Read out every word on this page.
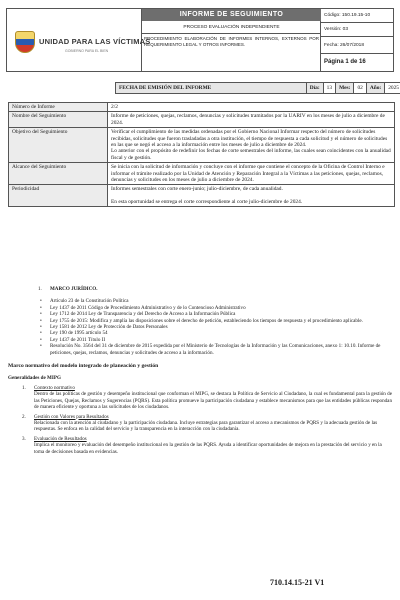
UNIDAD PARA LAS VÍCTIMAS
GOBIERNO PARA EL BIEN
INFORME DE SEGUIMIENTO
PROCESO EVALUACIÓN INDEPENDIENTE
PROCEDIMIENTO ELABORACIÓN DE INFORMES INTERNOS, EXTERNOS POR REQUERIMIENTO LEGAL Y OTROS INFORMES.
Código: 150.19.15-10
Versión: 03
Fecha: 26/07/2018
Página 1 de 16
FECHA DE EMISIÓN DEL INFORME	Día:	13	Mes:	02	Año:	2025
Número de Informe	2/2
Nombre del Seguimiento	Informe de peticiones, quejas, reclamos, denuncias y solicitudes tramitados por la UARIV en los meses de julio a diciembre de 2024.
Objetivo del Seguimiento	Verificar el cumplimiento de las medidas ordenadas por el Gobierno Nacional Informar respecto del número de solicitudes recibidas, solicitudes que fueron trasladadas a otra institución, el tiempo de respuesta a cada solicitud y el número de solicitudes en las que se negó el acceso a la información entre los meses de julio a diciembre de 2024.

Lo anterior con el propósito de redefinir los fechas de corte semestrales del informe, las cuales sean coincidentes con la anualidad fiscal y de gestión.

Alcance del Seguimiento	Se inicia con la solicitud de información y concluye con el informe que contiene el concepto de la Oficina de Control Interno e informar el trámite realizado por la Unidad de Atención y Reparación Integral a la Víctimas a las peticiones, quejas, reclamos, denuncias y solicitudes en los meses de julio a diciembre de 2024.
Periodicidad	Informes semestrales con corte enero-junio; julio-diciembre, de cada anualidad.

En esta oportunidad se entrega el corte correspondiente al corte julio-diciembre de 2024.

1. MARCO JURÍDICO.
• Artículo 23 de la Constitución Política
• Ley 1437 de 2011 Código de Procedimiento Administrativo y de lo Contencioso Administrativo
• Ley 1712 de 2014 Ley de Transparencia y del Derecho de Acceso a la Información Pública
• Ley 1755 de 2015: Modifica y amplía las disposiciones sobre el derecho de petición, estableciendo los tiempos de respuesta y el procedimiento aplicable.
• Ley 1581 de 2012 Ley de Protección de Datos Personales
• Ley 190 de 1995 artículo 54
• Ley 1437 de 2011 Título II
• Resolución No. 3564 del 31 de diciembre de 2015 expedida por el Ministerio de Tecnologías de la Información y las Comunicaciones, anexo 1: 10.10. Informe de peticiones, quejas, reclamos, denuncias y solicitudes de acceso a la información.
Marco normativo del modelo integrado de planeación y gestión
Generalidades de MIPG
1. Contexto normativo
Dentro de las políticas de gestión y desempeño institucional que conforman el MIPG, se destaca la Política de Servicio al Ciudadano, la cual es fundamental para la gestión de las Peticiones, Quejas, Reclamos y Sugerencias (PQRS). Esta política promueve la participación ciudadana y establece mecanismos para que las entidades públicas respondan de manera eficiente y oportuna a las solicitudes de los ciudadanos.
2. Gestión con Valores para Resultados
Relacionada con la atención al ciudadano y la participación ciudadana. Incluye estrategias para garantizar el acceso a mecanismos de PQRS y la adecuada gestión de las respuestas. Se enfoca en la calidad del servicio y la transparencia en la interacción con la ciudadanía.
3. Evaluación de Resultados
Implica el monitoreo y evaluación del desempeño institucional en la gestión de las PQRS. Ayuda a identificar oportunidades de mejora en la prestación del servicio y en la toma de decisiones basada en evidencias.
710.14.15-21 V1
